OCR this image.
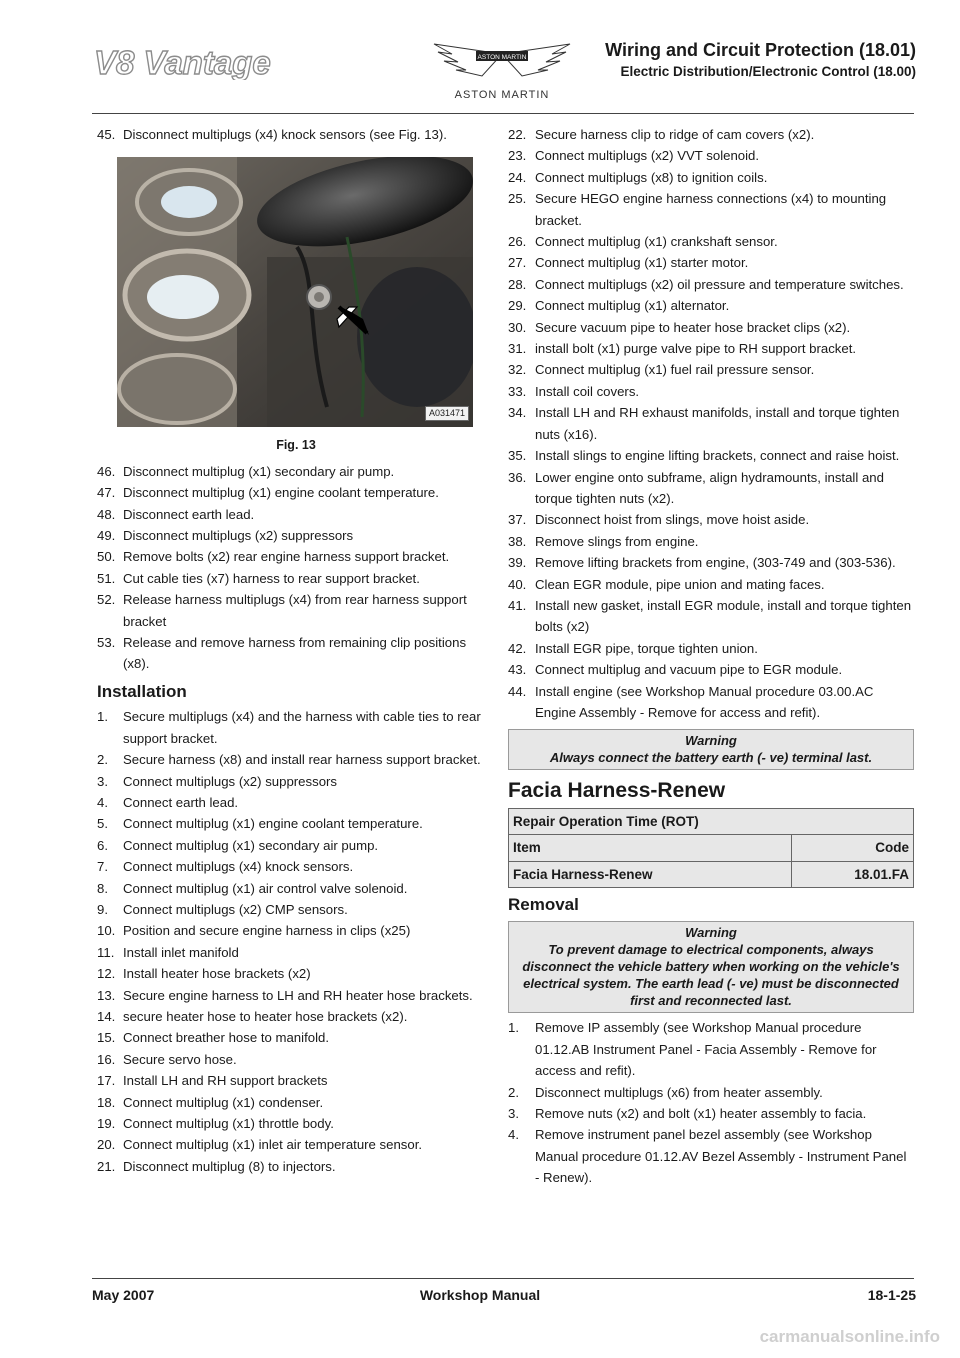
V8 Vantage	ASTON MARTIN
ASTON MARTIN
Wiring and Circuit Protection (18.01)
Electric Distribution/Electronic Control (18.00)
45. Disconnect multiplugs (x4) knock sensors (see Fig. 13).
A031471
Fig. 13
46. Disconnect multiplug (x1) secondary air pump.
47. Disconnect multiplug (x1) engine coolant temperature.
48. Disconnect earth lead.
49. Disconnect multiplugs (x2) suppressors
50. Remove bolts (x2) rear engine harness support bracket.
51. Cut cable ties (x7) harness to rear support bracket.
52. Release harness multiplugs (x4) from rear harness support bracket
53. Release and remove harness from remaining clip positions (x8).
Installation
1. Secure multiplugs (x4) and the harness with cable ties to rear support bracket.
2. Secure harness (x8) and install rear harness support bracket.
3. Connect multiplugs (x2) suppressors
4. Connect earth lead.
5. Connect multiplug (x1) engine coolant temperature.
6. Connect multiplug (x1) secondary air pump.
7. Connect multiplugs (x4) knock sensors.
8. Connect multiplug (x1) air control valve solenoid.
9. Connect multiplugs (x2) CMP sensors.
10. Position and secure engine harness in clips (x25)
11. Install inlet manifold
12. Install heater hose brackets (x2)
13. Secure engine harness to LH and RH heater hose brackets.
14. secure heater hose to heater hose brackets (x2).
15. Connect breather hose to manifold.
16. Secure servo hose.
17. Install LH and RH support brackets
18. Connect multiplug (x1) condenser.
19. Connect multiplug (x1) throttle body.
20. Connect multiplug (x1) inlet air temperature sensor.
21. Disconnect multiplug (8) to injectors.
22. Secure harness clip to ridge of cam covers (x2).
23. Connect multiplugs (x2) VVT solenoid.
24. Connect multiplugs (x8) to ignition coils.
25. Secure HEGO engine harness connections (x4) to mounting bracket.
26. Connect multiplug (x1) crankshaft sensor.
27. Connect multiplug (x1) starter motor.
28. Connect multiplugs (x2) oil pressure and temperature switches.
29. Connect multiplug (x1) alternator.
30. Secure vacuum pipe to heater hose bracket clips (x2).
31. install bolt (x1) purge valve pipe to RH support bracket.
32. Connect multiplug (x1) fuel rail pressure sensor.
33. Install coil covers.
34. Install LH and RH exhaust manifolds, install and torque tighten nuts (x16).
35. Install slings to engine lifting brackets, connect and raise hoist.
36. Lower engine onto subframe, align hydramounts, install and torque tighten nuts (x2).
37. Disconnect hoist from slings, move hoist aside.
38. Remove slings from engine.
39. Remove lifting brackets from engine, (303-749 and (303-536).
40. Clean EGR module, pipe union and mating faces.
41. Install new gasket, install EGR module, install and torque tighten bolts (x2)
42. Install EGR pipe, torque tighten union.
43. Connect multiplug and vacuum pipe to EGR module.
44. Install engine (see Workshop Manual procedure 03.00.AC Engine Assembly - Remove for access and refit).
Warning
Always connect the battery earth (- ve) terminal last.
Facia Harness-Renew
Repair Operation Time (ROT)	
Item	Code
Facia Harness-Renew	18.01.FA
Removal
Warning
To prevent damage to electrical components, always disconnect the vehicle battery when working on the vehicle's electrical system. The earth lead (- ve) must be disconnected first and reconnected last.
1. Remove IP assembly (see Workshop Manual procedure 01.12.AB Instrument Panel - Facia Assembly - Remove for access and refit).
2. Disconnect multiplugs (x6) from heater assembly.
3. Remove nuts (x2) and bolt (x1) heater assembly to facia.
4. Remove instrument panel bezel assembly (see Workshop Manual procedure 01.12.AV Bezel Assembly - Instrument Panel - Renew).
May 2007	Workshop Manual	18-1-25
carmanualsonline.info
